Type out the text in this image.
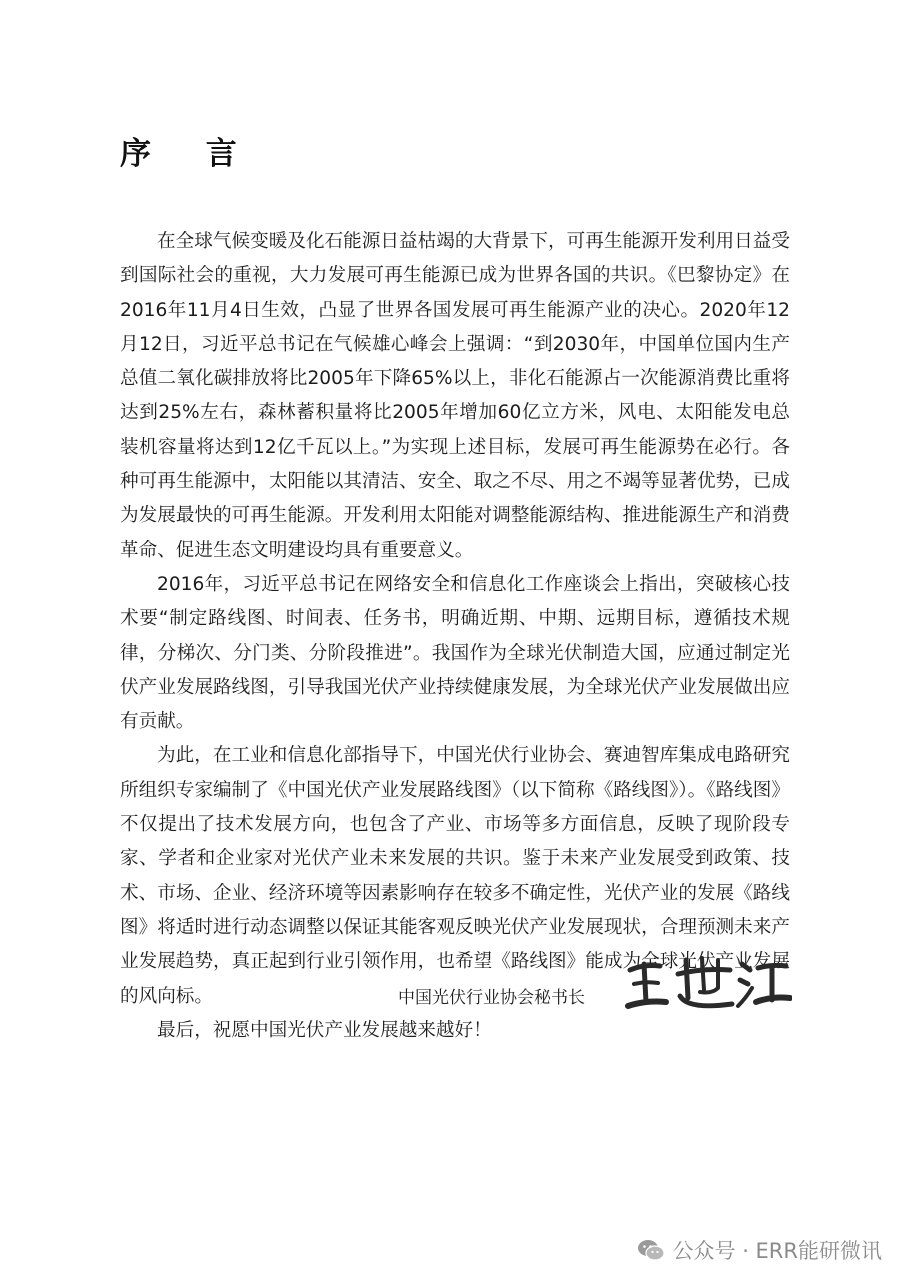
序 言

在全球气候变暖及化石能源日益枯竭的大背景下，可再生能源开发利用日益受到国际社会的重视，大力发展可再生能源已成为世界各国的共识。《巴黎协定》在2016年11月4日生效，凸显了世界各国发展可再生能源产业的决心。2020年12月12日，习近平总书记在气候雄心峰会上强调：“到2030年，中国单位国内生产总值二氧化碳排放将比2005年下降65%以上，非化石能源占一次能源消费比重将达到25%左右，森林蓄积量将比2005年增加60亿立方米，风电、太阳能发电总装机容量将达到12亿千瓦以上。”为实现上述目标，发展可再生能源势在必行。各种可再生能源中，太阳能以其清洁、安全、取之不尽、用之不竭等显著优势，已成为发展最快的可再生能源。开发利用太阳能对调整能源结构、推进能源生产和消费革命、促进生态文明建设均具有重要意义。

2016年，习近平总书记在网络安全和信息化工作座谈会上指出，突破核心技术要“制定路线图、时间表、任务书，明确近期、中期、远期目标，遵循技术规律，分梯次、分门类、分阶段推进”。我国作为全球光伏制造大国，应通过制定光伏产业发展路线图，引导我国光伏产业持续健康发展，为全球光伏产业发展做出应有贡献。

为此，在工业和信息化部指导下，中国光伏行业协会、赛迪智库集成电路研究所组织专家编制了《中国光伏产业发展路线图》（以下简称《路线图》）。《路线图》不仅提出了技术发展方向，也包含了产业、市场等多方面信息，反映了现阶段专家、学者和企业家对光伏产业未来发展的共识。鉴于未来产业发展受到政策、技术、市场、企业、经济环境等因素影响存在较多不确定性，光伏产业的发展《路线图》将适时进行动态调整以保证其能客观反映光伏产业发展现状，合理预测未来产业发展趋势，真正起到行业引领作用，也希望《路线图》能成为全球光伏产业发展的风向标。

最后，祝愿中国光伏产业发展越来越好！

中国光伏行业协会秘书长
公众号 · ERR能研微讯
